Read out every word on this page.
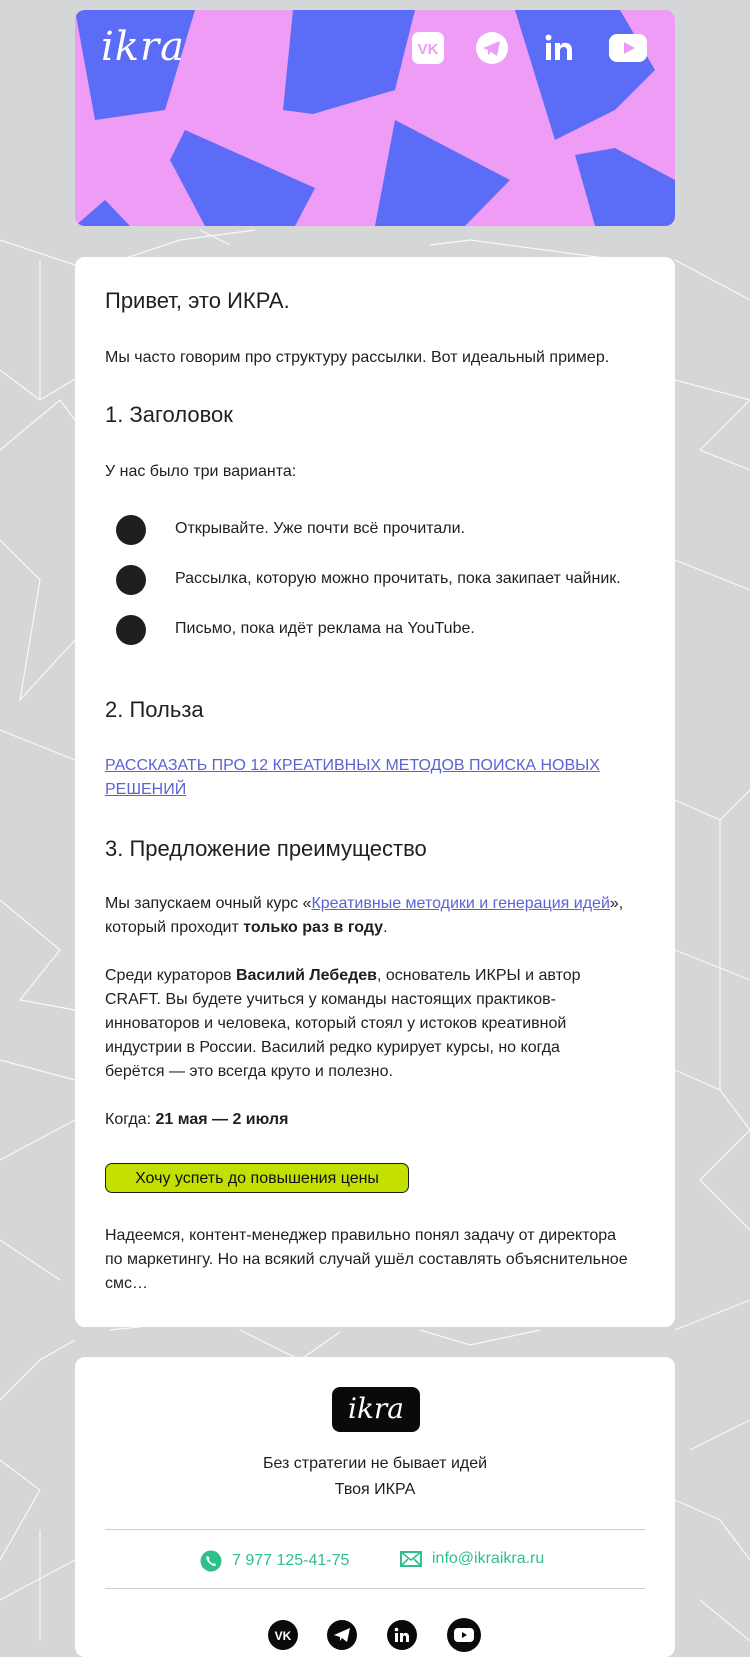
ikra	VK
Привет, это ИКРА.
Мы часто говорим про структуру рассылки. Вот идеальный пример.
1. Заголовок
У нас было три варианта:
Открывайте. Уже почти всё прочитали.
Рассылка, которую можно прочитать, пока закипает чайник.
Письмо, пока идёт реклама на YouTube.
2. Польза
РАССКАЗАТЬ ПРО 12 КРЕАТИВНЫХ МЕТОДОВ ПОИСКА НОВЫХ РЕШЕНИЙ
3. Предложение преимущество
Мы запускаем очный курс «Креативные методики и генерация идей», который проходит только раз в году.
Среди кураторов Василий Лебедев, основатель ИКРЫ и автор CRAFT. Вы будете учиться у команды настоящих практиков-инноваторов и человека, который стоял у истоков креативной индустрии в России. Василий редко курирует курсы, но когда берётся — это всегда круто и полезно.
Когда: 21 мая — 2 июля
Хочу успеть до повышения цены
Надеемся, контент-менеджер правильно понял задачу от директора по маркетингу. Но на всякий случай ушёл составлять объяснительное смс…
ikra
Без стратегии не бывает идей
Твоя ИКРА
7 977 125-41-75	info@ikraikra.ru
VK
